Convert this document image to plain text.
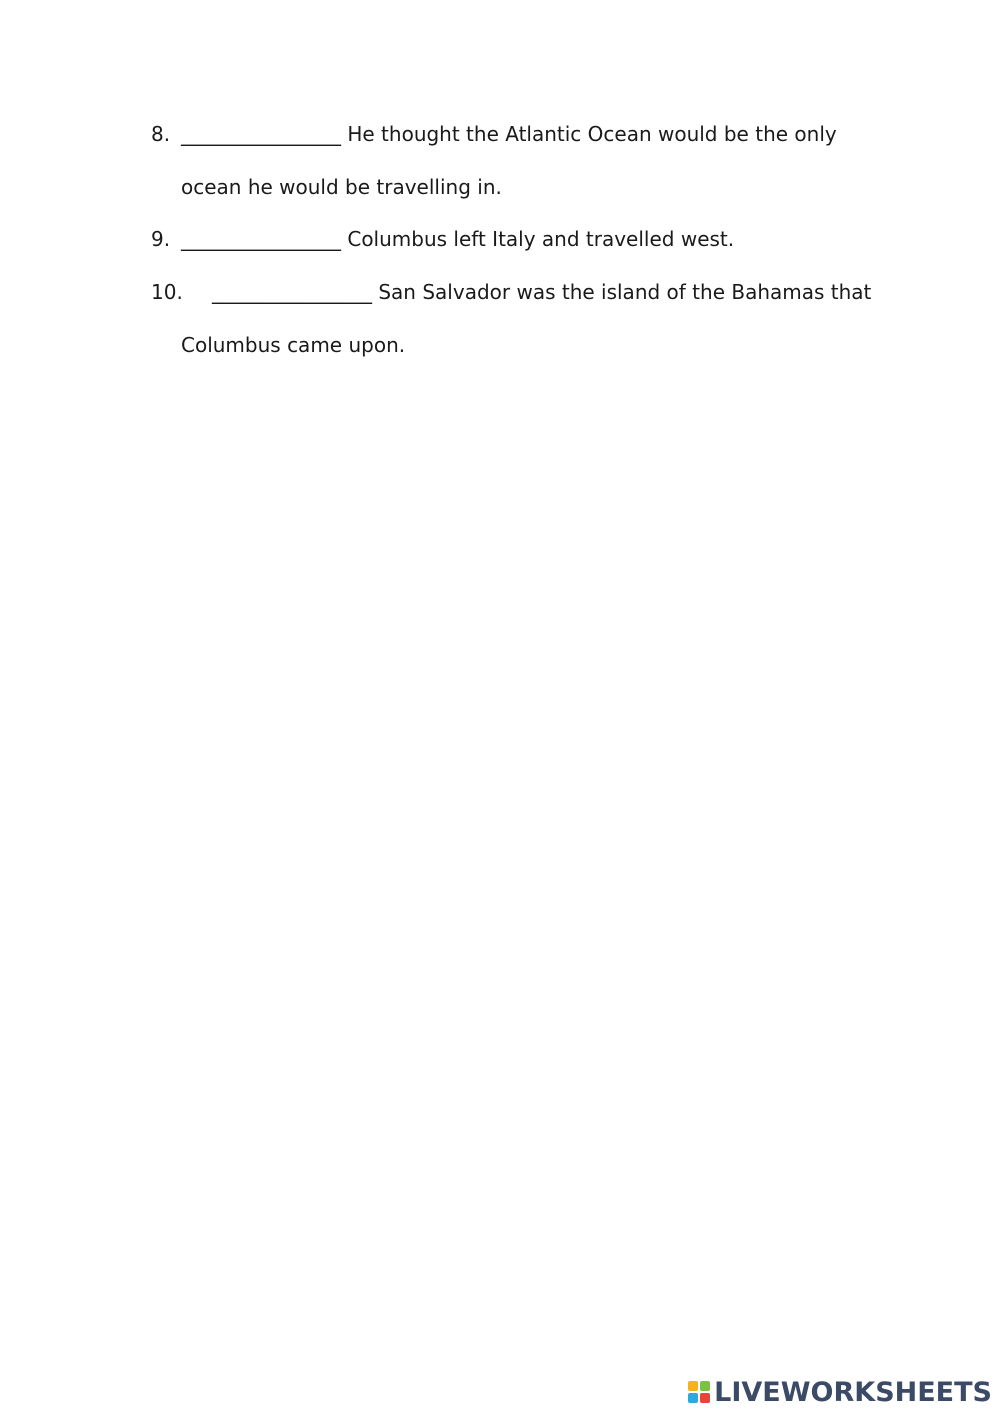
8. ________________ He thought the Atlantic Ocean would be the only
ocean he would be travelling in.
9. ________________ Columbus left Italy and travelled west.
10. ________________ San Salvador was the island of the Bahamas that
Columbus came upon.
LIVEWORKSHEETS
